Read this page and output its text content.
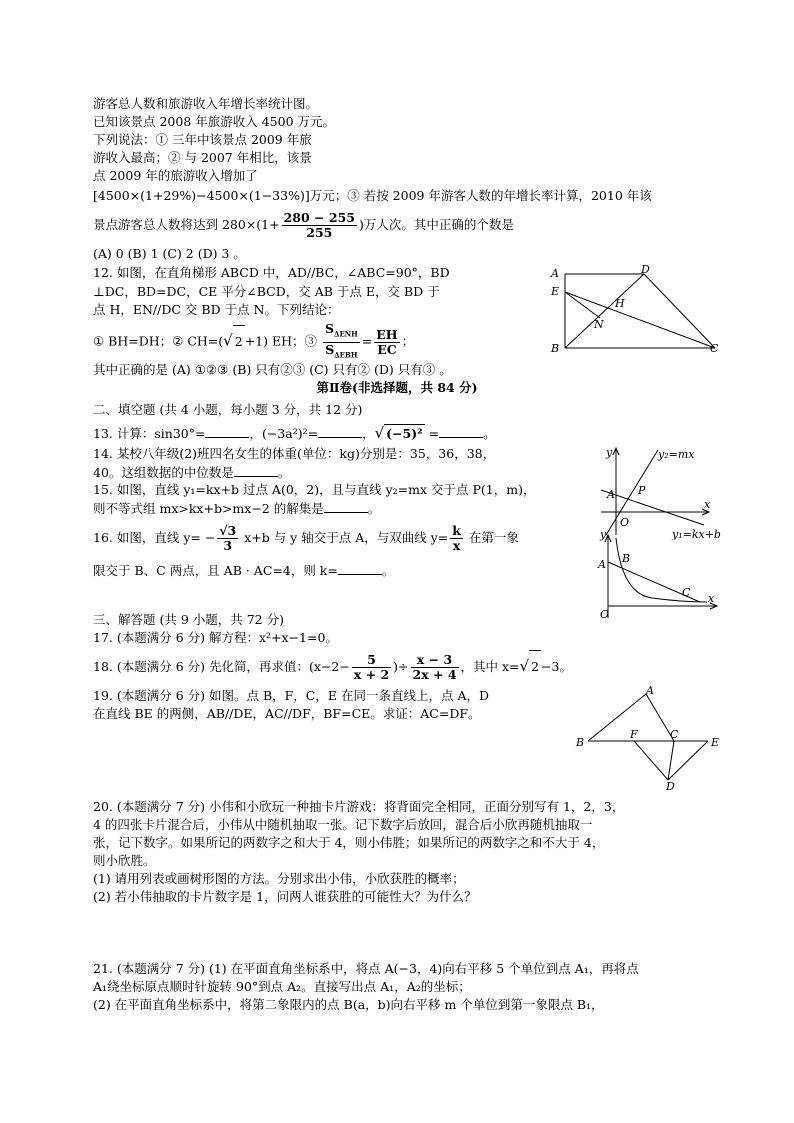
游客总人数和旅游收入年增长率统计图。
已知该景点 2008 年旅游收入 4500 万元。
下列说法：① 三年中该景点 2009 年旅
游收入最高；② 与 2007 年相比，该景
点 2009 年的旅游收入增加了
[4500×(1+29%)−4500×(1−33%)]万元；③ 若按 2009 年游客人数的年增长率计算，2010 年该
景点游客总人数将达到 $280\times(1+ \frac{280 - 255}{255}$ )万人次。其中正确的个数是
(A) 0 (B) 1 (C) 2 (D) 3 。
12. 如图，在直角梯形 ABCD 中，AD//BC，∠ABC=90°，BD
⊥DC，BD=DC，CE 平分∠BCD，交 AB 于点 E，交 BD 于
点 H，EN//DC 交 BD 于点 N。下列结论：
① BH=DH；② CH=(√ 2 +1) EH；③ $\frac{S_{\Delta ENH}}{S_{\Delta EBH}} = \frac{EH}{EC}$ ；
其中正确的是 (A) ①②③ (B) 只有②③ (C) 只有② (D) 只有③ 。
A	D
E
H
N
B	C
第Ⅱ卷(非选择题，共 84 分)
二、填空题 (共 4 小题，每小题 3 分，共 12 分)
13. 计算：sin30°=	，(−3a²)²=	，√ (−5)² =	。
14. 某校八年级(2)班四名女生的体重(单位：kg)分别是：35，36，38，
40。这组数据的中位数是	。
15. 如图，直线 y₁=kx+b 过点 A(0，2)，且与直线 y₂=mx 交于点 P(1，m)，
则不等式组 mx>kx+b>mx−2 的解集是	。
y	y₂=mx
A P
O
x
y₁=kx+b
16. 如图，直线 $y= - \frac{√3}{3} x+b$ 与 y 轴交于点 A，与双曲线 $y= \frac{k}{x}$ 在第一象
限交于 B、C 两点，且 AB · AC=4，则 k=	。
y
A B
C
O
x
三、解答题 (共 9 小题，共 72 分)
17. (本题满分 6 分) 解方程：x²+x−1=0。
18. (本题满分 6 分) 先化简，再求值：($x-2- \frac{5}{x + 2}$ )÷ $\frac{x - 3}{2x + 4}$ ，其中 x=√ 2 −3。
19. (本题满分 6 分) 如图。点 B，F，C，E 在同一条直线上，点 A，D
在直线 BE 的两侧，AB//DE，AC//DF，BF=CE。求证：AC=DF。
A
B
F	C
E
D
20. (本题满分 7 分) 小伟和小欣玩一种抽卡片游戏：将背面完全相同，正面分别写有 1，2，3，
4 的四张卡片混合后，小伟从中随机抽取一张。记下数字后放回，混合后小欣再随机抽取一
张，记下数字。如果所记的两数字之和大于 4，则小伟胜；如果所记的两数字之和不大于 4，
则小欣胜。
(1) 请用列表或画树形图的方法。分别求出小伟，小欣获胜的概率；
(2) 若小伟抽取的卡片数字是 1，问两人谁获胜的可能性大？为什么？
21. (本题满分 7 分) (1) 在平面直角坐标系中，将点 A(−3，4)向右平移 5 个单位到点 A₁，再将点
A₁绕坐标原点顺时针旋转 90°到点 A₂。直接写出点 A₁，A₂的坐标；
(2) 在平面直角坐标系中，将第二象限内的点 B(a，b)向右平移 m 个单位到第一象限点 B₁，
